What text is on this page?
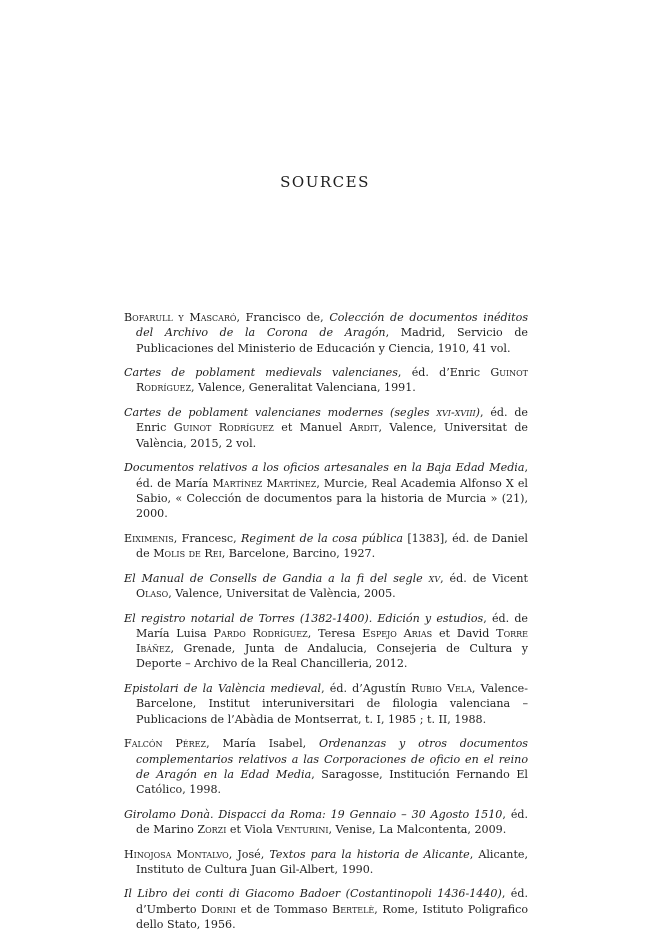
SOURCES
Bofarull y Mascaró, Francisco de, Colección de documentos inéditos del Archivo de la Corona de Aragón, Madrid, Servicio de Publicaciones del Ministerio de Educación y Ciencia, 1910, 41 vol.
Cartes de poblament medievals valencianes, éd. d’Enric Guinot Rodríguez, Valence, Generalitat Valenciana, 1991.
Cartes de poblament valencianes modernes (segles xvi-xviii), éd. de Enric Guinot Rodríguez et Manuel Ardit, Valence, Universitat de València, 2015, 2 vol.
Documentos relativos a los oficios artesanales en la Baja Edad Media, éd. de María Martínez Martínez, Murcie, Real Academia Alfonso X el Sabio, « Colección de documentos para la historia de Murcia » (21), 2000.
Eiximenis, Francesc, Regiment de la cosa pública [1383], éd. de Daniel de Molis de Rei, Barcelone, Barcino, 1927.
El Manual de Consells de Gandia a la fi del segle xv, éd. de Vicent Olaso, Valence, Universitat de València, 2005.
El registro notarial de Torres (1382-1400). Edición y estudios, éd. de María Luisa Pardo Rodríguez, Teresa Espejo Arias et David Torre Ibáñez, Grenade, Junta de Andalucia, Consejeria de Cultura y Deporte – Archivo de la Real Chancilleria, 2012.
Epistolari de la València medieval, éd. d’Agustín Rubio Vela, Valence-Barcelone, Institut interuniversitari de filologia valenciana – Publicacions de l’Abàdia de Montserrat, t. I, 1985 ; t. II, 1988.
Falcón Pérez, María Isabel, Ordenanzas y otros documentos complementarios relativos a las Corporaciones de oficio en el reino de Aragón en la Edad Media, Saragosse, Institución Fernando El Católico, 1998.
Girolamo Donà. Dispacci da Roma: 19 Gennaio – 30 Agosto 1510, éd. de Marino Zorzi et Viola Venturini, Venise, La Malcontenta, 2009.
Hinojosa Montalvo, José, Textos para la historia de Alicante, Alicante, Instituto de Cultura Juan Gil-Albert, 1990.
Il Libro dei conti di Giacomo Badoer (Costantinopoli 1436-1440), éd. d’Umberto Dorini et de Tommaso Bertelè, Rome, Istituto Poligrafico dello Stato, 1956.
